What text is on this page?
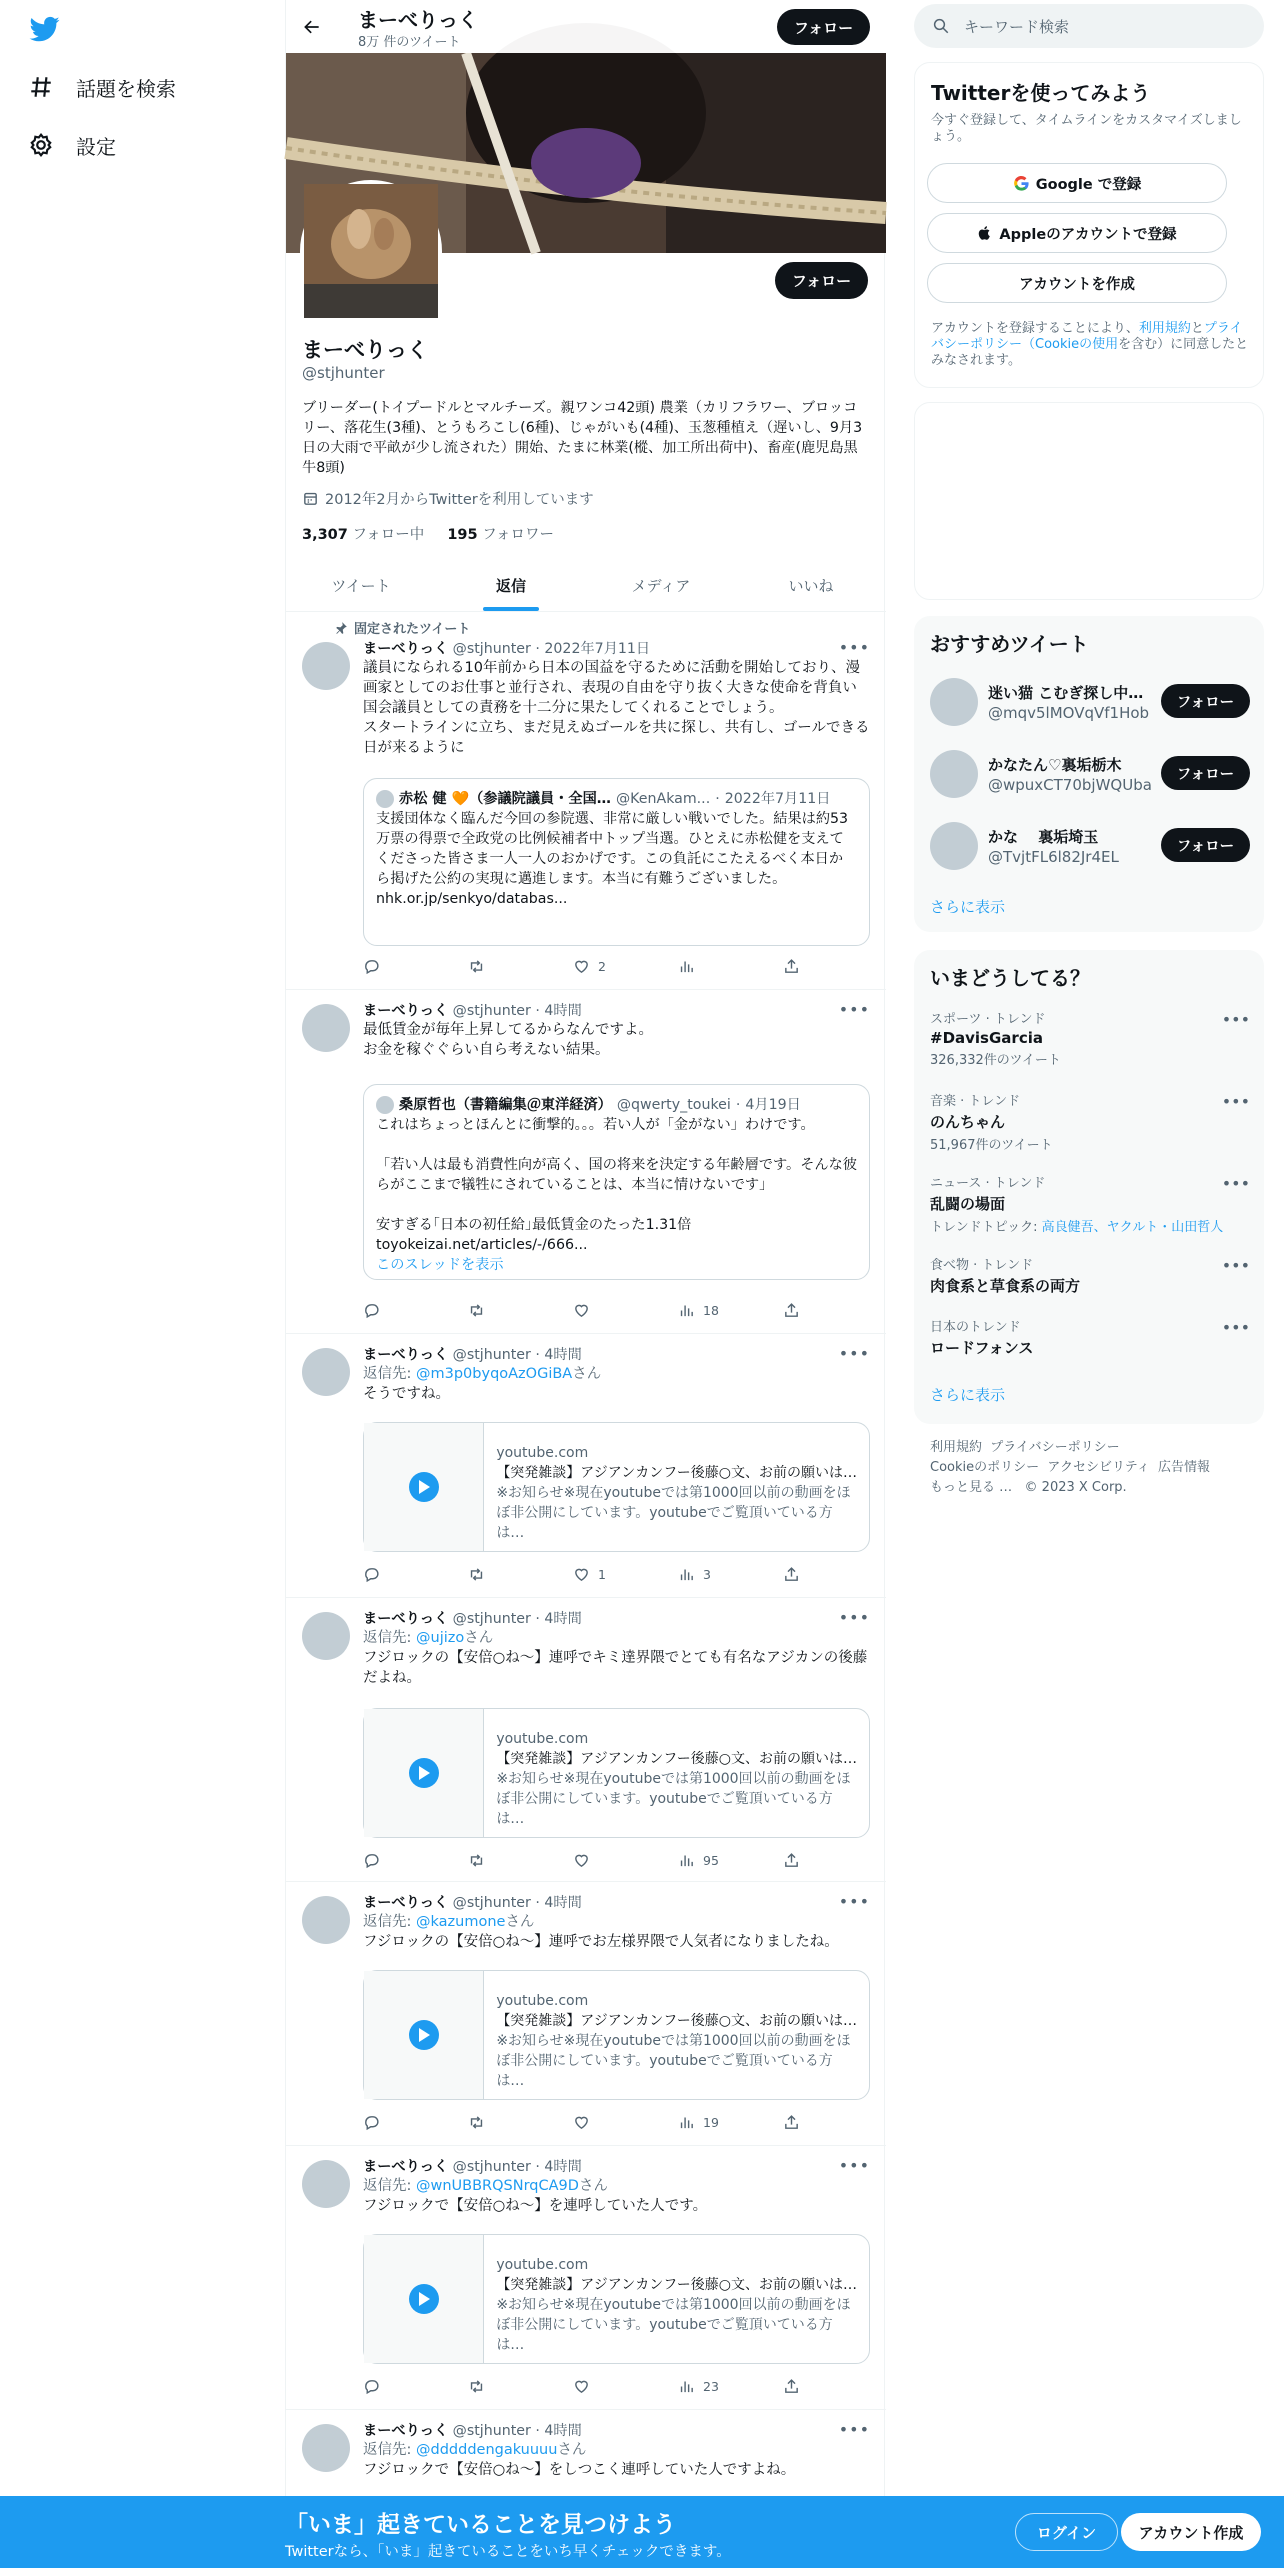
話題を検索
設定
まーべりっく
8万 件のツイート
フォロー
フォロー
まーべりっく
@stjhunter
ブリーダー(トイプードルとマルチーズ。親ワンコ42頭) 農業（カリフラワー、ブロッコリー、落花生(3種)、とうもろこし(6種)、じゃがいも(4種)、玉葱種植え（遅いし、9月3日の大雨で平畝が少し流された）開始、たまに林業(樅、加工所出荷中)、畜産(鹿児島黒牛8頭)
2012年2月からTwitterを利用しています
3,307 フォロー中 195 フォロワー
ツイート	返信	メディア	いいね
固定されたツイート
•••
まーべりっく @stjhunter · 2022年7月11日
議員になられる10年前から日本の国益を守るために活動を開始しており、漫画家としてのお仕事と並行され、表現の自由を守り抜く大きな使命を背負い国会議員としての責務を十二分に果たしてくれることでしょう。
スタートラインに立ち、まだ見えぬゴールを共に探し、共有し、ゴールできる日が来るように
赤松 健 🧡（参議院議員・全国… @KenAkam... · 2022年7月11日
支援団体なく臨んだ今回の参院選、非常に厳しい戦いでした。結果は約53万票の得票で全政党の比例候補者中トップ当選。ひとえに赤松健を支えてくださった皆さま一人一人のおかげです。この負託にこたえるべく本日から掲げた公約の実現に邁進します。本当に有難うございました。
nhk.or.jp/senkyo/databas...
2
•••
まーべりっく @stjhunter · 4時間
最低賃金が毎年上昇してるからなんですよ。
お金を稼ぐぐらい自ら考えない結果。
桑原哲也（書籍編集＠東洋経済） @qwerty_toukei · 4月19日
これはちょっとほんとに衝撃的。。。若い人が「金がない」わけです。

「若い人は最も消費性向が高く、国の将来を決定する年齢層です。そんな彼らがここまで犠牲にされていることは、本当に情けないです」

安すぎる｢日本の初任給｣最低賃金のたった1.31倍
toyokeizai.net/articles/-/666...
このスレッドを表示
18
•••
まーべりっく @stjhunter · 4時間
返信先: @m3p0byqoAzOGiBAさん
そうですね。
youtube.com
【突発雑談】アジアンカンフー後藤○文、お前の願いは…
※お知らせ※現在youtubeでは第1000回以前の動画をほぼ非公開にしています。youtubeでご覧頂いている方は…
1	3
•••
まーべりっく @stjhunter · 4時間
返信先: @ujizoさん
フジロックの【安倍○ね～】連呼でキミ達界隈でとても有名なアジカンの後藤だよね。
youtube.com
【突発雑談】アジアンカンフー後藤○文、お前の願いは…
※お知らせ※現在youtubeでは第1000回以前の動画をほぼ非公開にしています。youtubeでご覧頂いている方は…
95
•••
まーべりっく @stjhunter · 4時間
返信先: @kazumoneさん
フジロックの【安倍○ね〜】連呼でお左様界隈で人気者になりましたね。
youtube.com
【突発雑談】アジアンカンフー後藤○文、お前の願いは…
※お知らせ※現在youtubeでは第1000回以前の動画をほぼ非公開にしています。youtubeでご覧頂いている方は…
19
•••
まーべりっく @stjhunter · 4時間
返信先: @wnUBBRQSNrqCA9Dさん
フジロックで【安倍○ね〜】を連呼していた人です。
youtube.com
【突発雑談】アジアンカンフー後藤○文、お前の願いは…
※お知らせ※現在youtubeでは第1000回以前の動画をほぼ非公開にしています。youtubeでご覧頂いている方は…
23
•••
まーべりっく @stjhunter · 4時間
返信先: @dddddengakuuuuさん
フジロックで【安倍○ね〜】をしつこく連呼していた人ですよね。
キーワード検索
Twitterを使ってみよう
今すぐ登録して、タイムラインをカスタマイズしましょう。
Google で登録
Appleのアカウントで登録
アカウントを作成
アカウントを登録することにより、利用規約とプライバシーポリシー（Cookieの使用を含む）に同意したとみなされます。
おすすめツイート
迷い猫 こむぎ探し中…
@mqv5lMOVqVf1Hob
フォロー
かなたん♡裏垢栃木
@wpuxCT70bjWQUba
フォロー
かな　 裏垢埼玉
@TvjtFL6l82Jr4EL
フォロー
さらに表示
いまどうしてる？
スポーツ · トレンド
#DavisGarcia
326,332件のツイート
•••
音楽 · トレンド
のんちゃん
51,967件のツイート
•••
ニュース · トレンド
乱闘の場面
トレンドトピック: 高良健吾、ヤクルト・山田哲人
•••
食べ物 · トレンド
肉食系と草食系の両方
•••
日本のトレンド
ロードフォンス
•••
さらに表示
利用規約 プライバシーポリシー
Cookieのポリシー アクセシビリティ 広告情報
もっと見る … © 2023 X Corp.
「いま」起きていることを見つけよう
Twitterなら、「いま」起きていることをいち早くチェックできます。
ログイン	アカウント作成
